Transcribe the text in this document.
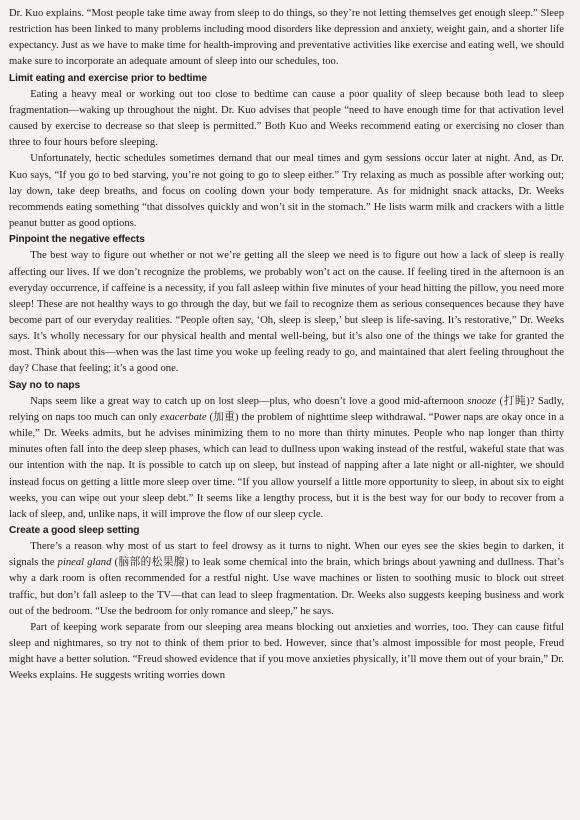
Dr. Kuo explains. “Most people take time away from sleep to do things, so they’re not letting themselves get enough sleep.” Sleep restriction has been linked to many problems including mood disorders like depression and anxiety, weight gain, and a shorter life expectancy. Just as we have to make time for health-improving and preventative activities like exercise and eating well, we should make sure to incorporate an adequate amount of sleep into our schedules, too.

Limit eating and exercise prior to bedtime

Eating a heavy meal or working out too close to bedtime can cause a poor quality of sleep because both lead to sleep fragmentation—waking up throughout the night. Dr. Kuo advises that people “need to have enough time for that activation level caused by exercise to decrease so that sleep is permitted.” Both Kuo and Weeks recommend eating or exercising no closer than three to four hours before sleeping.

Unfortunately, hectic schedules sometimes demand that our meal times and gym sessions occur later at night. And, as Dr. Kuo says, “If you go to bed starving, you’re not going to go to sleep either.” Try relaxing as much as possible after working out; lay down, take deep breaths, and focus on cooling down your body temperature. As for midnight snack attacks, Dr. Weeks recommends eating something “that dissolves quickly and won’t sit in the stomach.” He lists warm milk and crackers with a little peanut butter as good options.

Pinpoint the negative effects

The best way to figure out whether or not we’re getting all the sleep we need is to figure out how a lack of sleep is really affecting our lives. If we don’t recognize the problems, we probably won’t act on the cause. If feeling tired in the afternoon is an everyday occurrence, if caffeine is a necessity, if you fall asleep within five minutes of your head hitting the pillow, you need more sleep! These are not healthy ways to go through the day, but we fail to recognize them as serious consequences because they have become part of our everyday realities. “People often say, ‘Oh, sleep is sleep,’ but sleep is life-saving. It’s restorative,” Dr. Weeks says. It’s wholly necessary for our physical health and mental well-being, but it’s also one of the things we take for granted the most. Think about this—when was the last time you woke up feeling ready to go, and maintained that alert feeling throughout the day? Chase that feeling; it’s a good one.

Say no to naps

Naps seem like a great way to catch up on lost sleep—plus, who doesn’t love a good mid-afternoon snooze (打盹)? Sadly, relying on naps too much can only exacerbate (加重) the problem of nighttime sleep withdrawal. “Power naps are okay once in a while,” Dr. Weeks admits, but he advises minimizing them to no more than thirty minutes. People who nap longer than thirty minutes often fall into the deep sleep phases, which can lead to dullness upon waking instead of the restful, wakeful state that was our intention with the nap. It is possible to catch up on sleep, but instead of napping after a late night or all-nighter, we should instead focus on getting a little more sleep over time. “If you allow yourself a little more opportunity to sleep, in about six to eight weeks, you can wipe out your sleep debt.” It seems like a lengthy process, but it is the best way for our body to recover from a lack of sleep, and, unlike naps, it will improve the flow of our sleep cycle.

Create a good sleep setting

There’s a reason why most of us start to feel drowsy as it turns to night. When our eyes see the skies begin to darken, it signals the pineal gland (脑部的松果腺) to leak some chemical into the brain, which brings about yawning and dullness. That’s why a dark room is often recommended for a restful night. Use wave machines or listen to soothing music to block out street traffic, but don’t fall asleep to the TV—that can lead to sleep fragmentation. Dr. Weeks also suggests keeping business and work out of the bedroom. “Use the bedroom for only romance and sleep,” he says.

Part of keeping work separate from our sleeping area means blocking out anxieties and worries, too. They can cause fitful sleep and nightmares, so try not to think of them prior to bed. However, since that’s almost impossible for most people, Freud might have a better solution. “Freud showed evidence that if you move anxieties physically, it’ll move them out of your brain,” Dr. Weeks explains. He suggests writing worries down
